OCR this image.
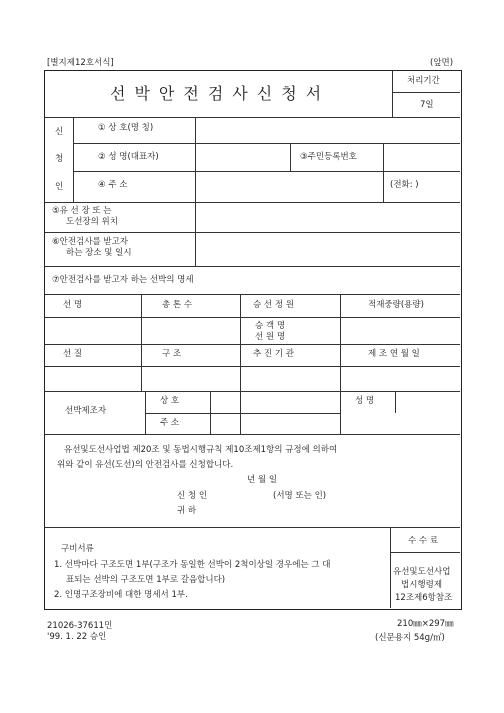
[별지제12호서식]	(앞면)
선박안전검사신청서
처리기간
7일
신
청
인
① 상 호(명 칭)
② 성 명(대표자)	③주민등록번호
④ 주 소	(전화: )
⑤유 선 장 또 는
도선장의 위치
⑥안전검사를 받고자
하는 장소 및 일시
⑦안전검사를 받고자 하는 선박의 명세
선 명	총 톤 수	승 선 정 원	적재중량(용량)
승 객 명
선 원 명
선 질	구 조	추 진 기 관	제 조 연 월 일
선박제조자
상 호	성 명
주 소
유선및도선사업법 제20조 및 동법시행규칙 제10조제1항의 규정에 의하여
위와 같이 유선(도선)의 안전검사를 신청합니다.
년 월 일
신 청 인	(서명 또는 인)
귀 하
구비서류
1. 선박마다 구조도면 1부(구조가 동일한 선박이 2척이상일 경우에는 그 대
표되는 선박의 구조도면 1부로 갈음합니다)
2. 인명구조장비에 대한 명세서 1부.
수 수 료
유선및도선사업
법시행령제
12조제6항참조
21026-37611민
'99. 1. 22 승인
210㎜×297㎜
(신문용지 54g/㎡)
